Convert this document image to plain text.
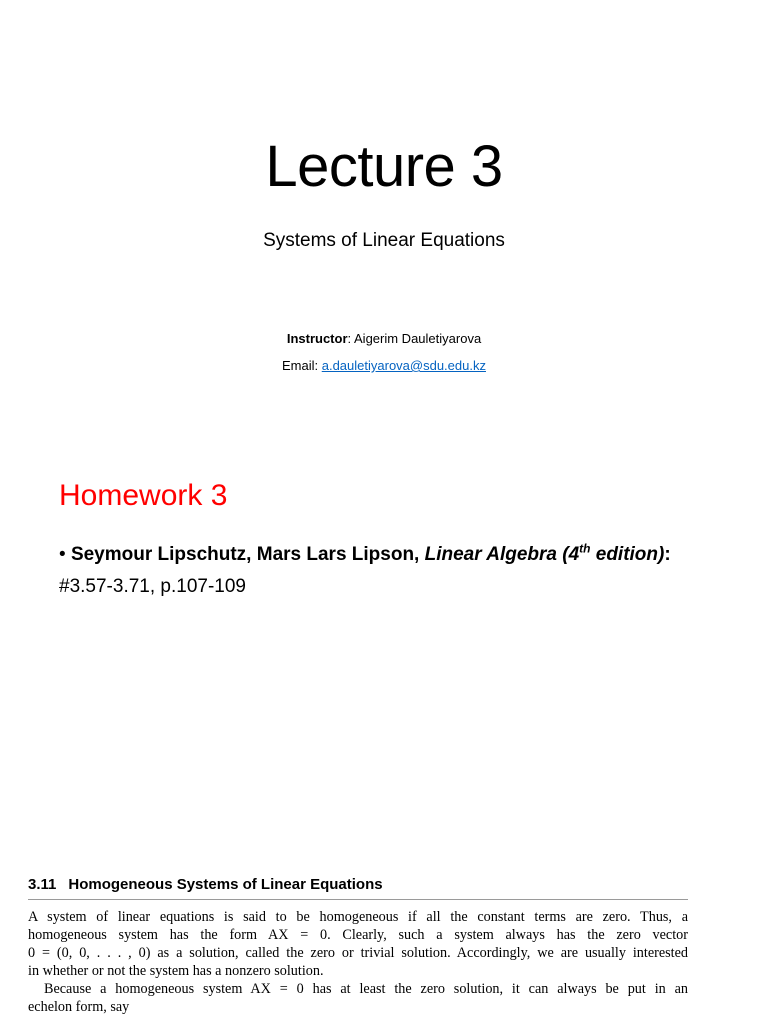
Lecture 3
Systems of Linear Equations
Instructor: Aigerim Dauletiyarova
Email: a.dauletiyarova@sdu.edu.kz
Homework 3
• Seymour Lipschutz, Mars Lars Lipson, Linear Algebra (4th edition):
#3.57-3.71, p.107-109
3.11 Homogeneous Systems of Linear Equations

A system of linear equations is said to be homogeneous if all the constant terms are zero. Thus, a
homogeneous system has the form AX = 0. Clearly, such a system always has the zero vector
0 = (0, 0, . . . , 0) as a solution, called the zero or trivial solution. Accordingly, we are usually interested
in whether or not the system has a nonzero solution.

Because a homogeneous system AX = 0 has at least the zero solution, it can always be put in an
echelon form, say
